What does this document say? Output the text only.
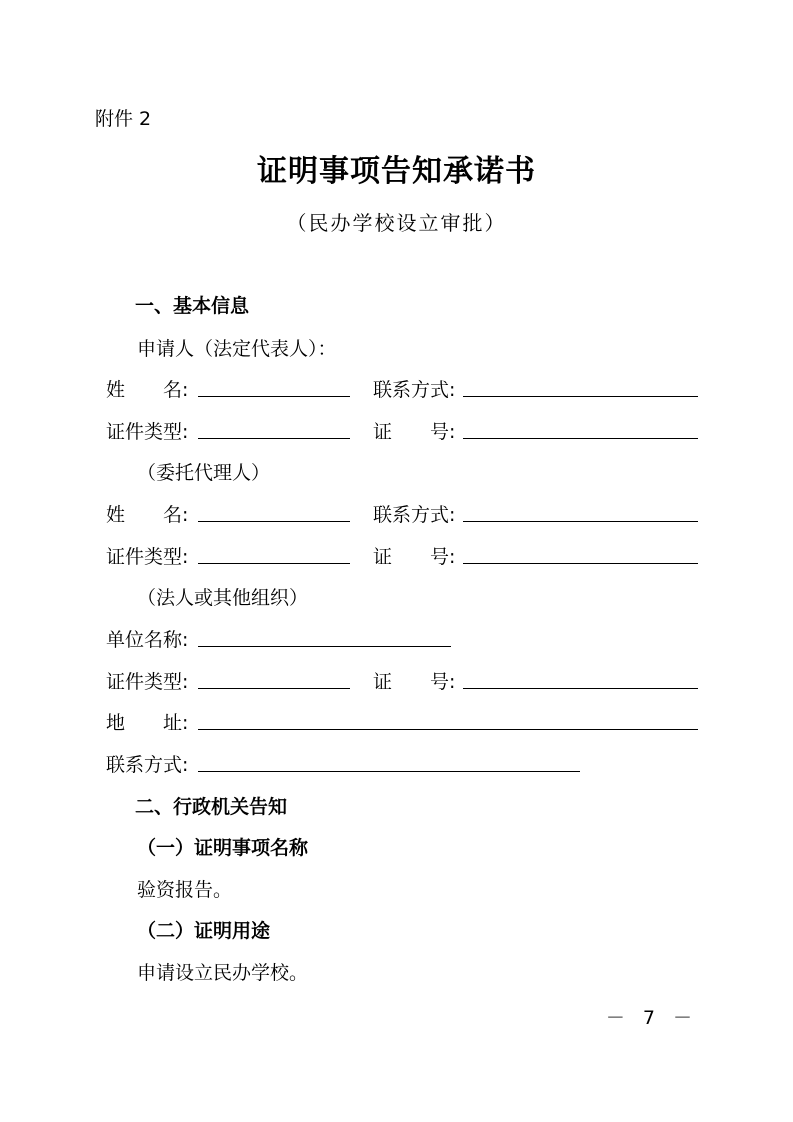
附件 2
证明事项告知承诺书
（民办学校设立审批）
一、基本信息
申请人（法定代表人）：
姓　　名:	联系方式:
证件类型:	证　　号:
（委托代理人）
姓　　名:	联系方式:
证件类型:	证　　号:
（法人或其他组织）
单位名称:
证件类型:	证　　号:
地　　址:
联系方式:
二、行政机关告知
（一）证明事项名称
验资报告。
（二）证明用途
申请设立民办学校。
－ 7 －
